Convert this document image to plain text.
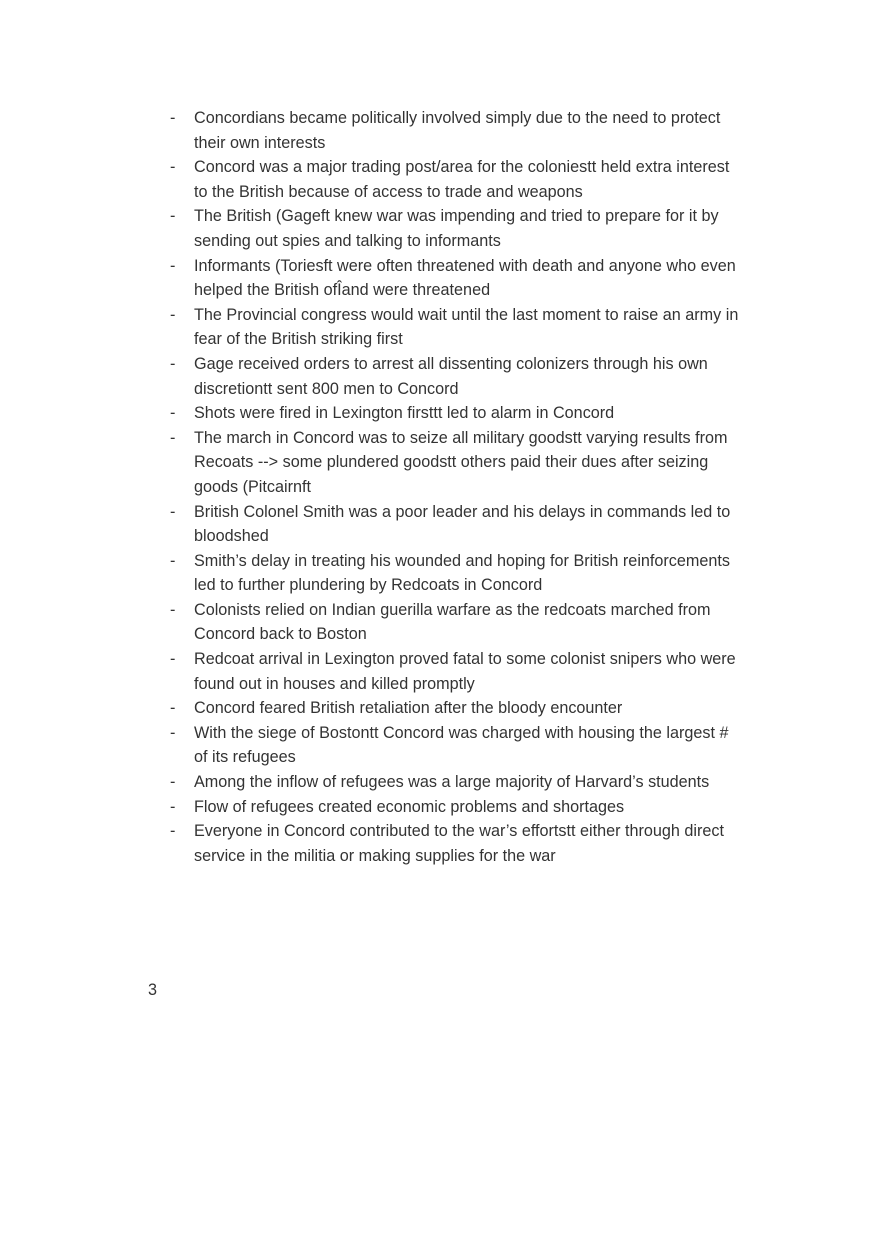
-	Concordians became politically involved simply due to the need to protect their own interests
-	Concord was a major trading post/area for the coloniestt held extra interest to the British because of access to trade and weapons
-	The British (Gageft knew war was impending and tried to prepare for it by sending out spies and talking to informants
-	Informants (Toriesft were often threatened with death and anyone who even helped the British ofÎand were threatened
-	The Provincial congress would wait until the last moment to raise an army in fear of the British striking first
-	Gage received orders to arrest all dissenting colonizers through his own discretiontt sent 800 men to Concord
-	Shots were fired in Lexington firsttt led to alarm in Concord
-	The march in Concord was to seize all military goodstt varying results from Recoats --> some plundered goodstt others paid their dues after seizing goods (Pitcairnft
-	British Colonel Smith was a poor leader and his delays in commands led to bloodshed
-	Smith’s delay in treating his wounded and hoping for British reinforcements led to further plundering by Redcoats in Concord
-	Colonists relied on Indian guerilla warfare as the redcoats marched from Concord back to Boston
-	Redcoat arrival in Lexington proved fatal to some colonist snipers who were found out in houses and killed promptly
-	Concord feared British retaliation after the bloody encounter
-	With the siege of Bostontt Concord was charged with housing the largest # of its refugees
-	Among the inflow of refugees was a large majority of Harvard’s students
-	Flow of refugees created economic problems and shortages
-	Everyone in Concord contributed to the war’s effortstt either through direct service in the militia or making supplies for the war
3
